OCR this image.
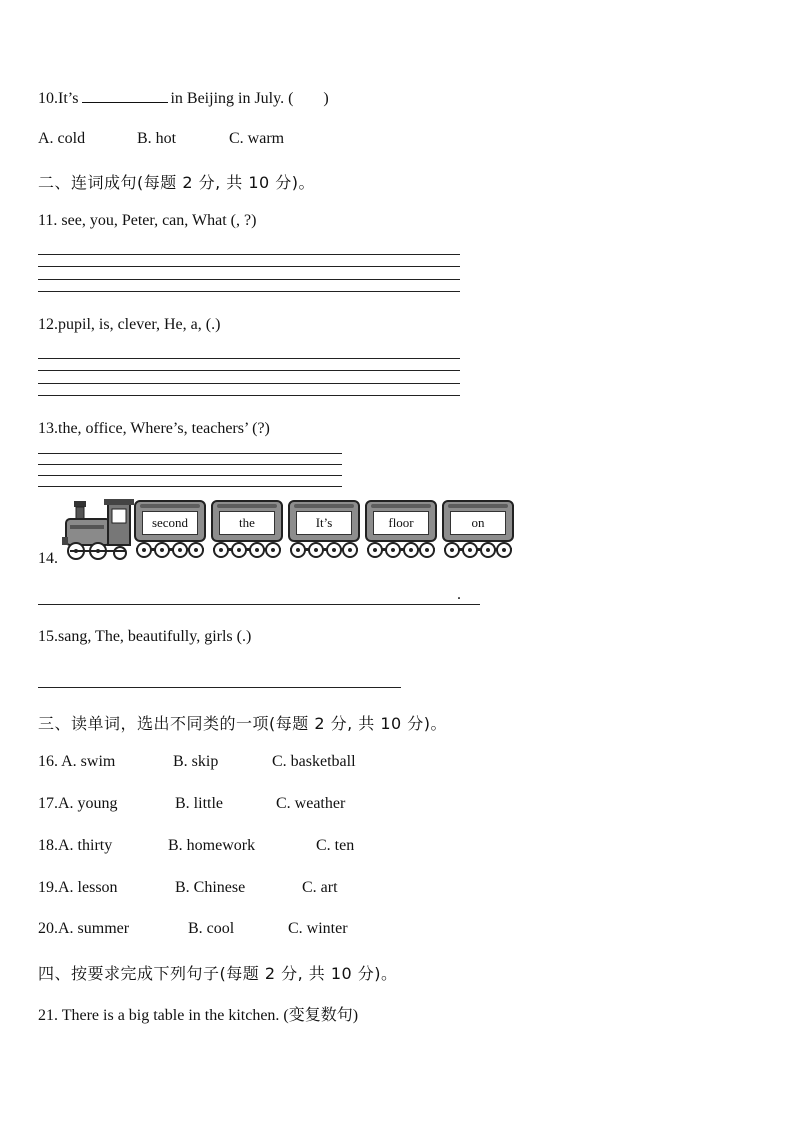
10.It’s	in Beijing in July. ( )
A. cold	B. hot	C. warm
二、连词成句(每题 2 分, 共 10 分)。
11. see, you, Peter, can, What (, ?)
12.pupil, is, clever, He, a, (.)
13.the, office, Where’s, teachers’ (?)
14.
second	the	It’s	floor	on
.
15.sang, The, beautifully, girls (.)
三、读单词，选出不同类的一项(每题 2 分, 共 10 分)。
16. A. swim	B. skip	C. basketball
17.A. young	B. little	C. weather
18.A. thirty	B. homework	C. ten
19.A. lesson	B. Chinese	C. art
20.A. summer	B. cool	C. winter
四、按要求完成下列句子(每题 2 分, 共 10 分)。
21. There is a big table in the kitchen. (变复数句)
